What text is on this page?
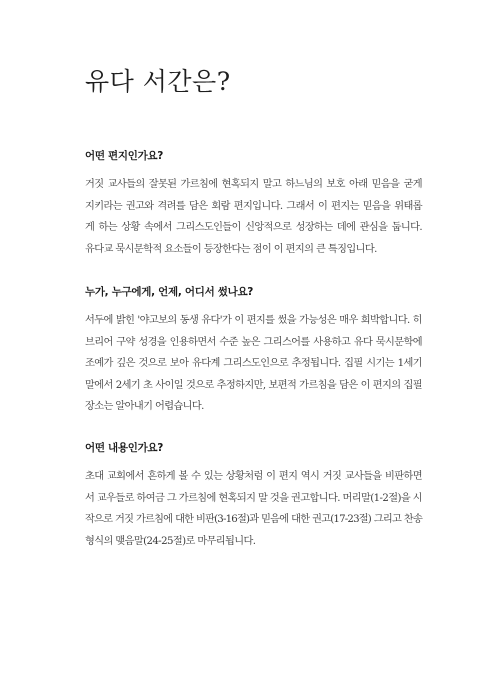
유다 서간은?
어떤 편지인가요?
거짓 교사들의 잘못된 가르침에 현혹되지 말고 하느님의 보호 아래 믿음을 굳게
지키라는 권고와 격려를 담은 회람 편지입니다. 그래서 이 편지는 믿음을 위태롭
게 하는 상황 속에서 그리스도인들이 신앙적으로 성장하는 데에 관심을 둡니다.
유다교 묵시문학적 요소들이 등장한다는 점이 이 편지의 큰 특징입니다.
누가, 누구에게, 언제, 어디서 썼나요?
서두에 밝힌 '야고보의 동생 유다'가 이 편지를 썼을 가능성은 매우 희박합니다. 히
브리어 구약 성경을 인용하면서 수준 높은 그리스어를 사용하고 유다 묵시문학에
조예가 깊은 것으로 보아 유다계 그리스도인으로 추정됩니다. 집필 시기는 1세기
말에서 2세기 초 사이일 것으로 추정하지만, 보편적 가르침을 담은 이 편지의 집필
장소는 알아내기 어렵습니다.
어떤 내용인가요?
초대 교회에서 흔하게 볼 수 있는 상황처럼 이 편지 역시 거짓 교사들을 비판하면
서 교우들로 하여금 그 가르침에 현혹되지 말 것을 권고합니다. 머리말(1-2절)을 시
작으로 거짓 가르침에 대한 비판(3-16절)과 믿음에 대한 권고(17-23절) 그리고 찬송
형식의 맺음말(24-25절)로 마무리됩니다.
